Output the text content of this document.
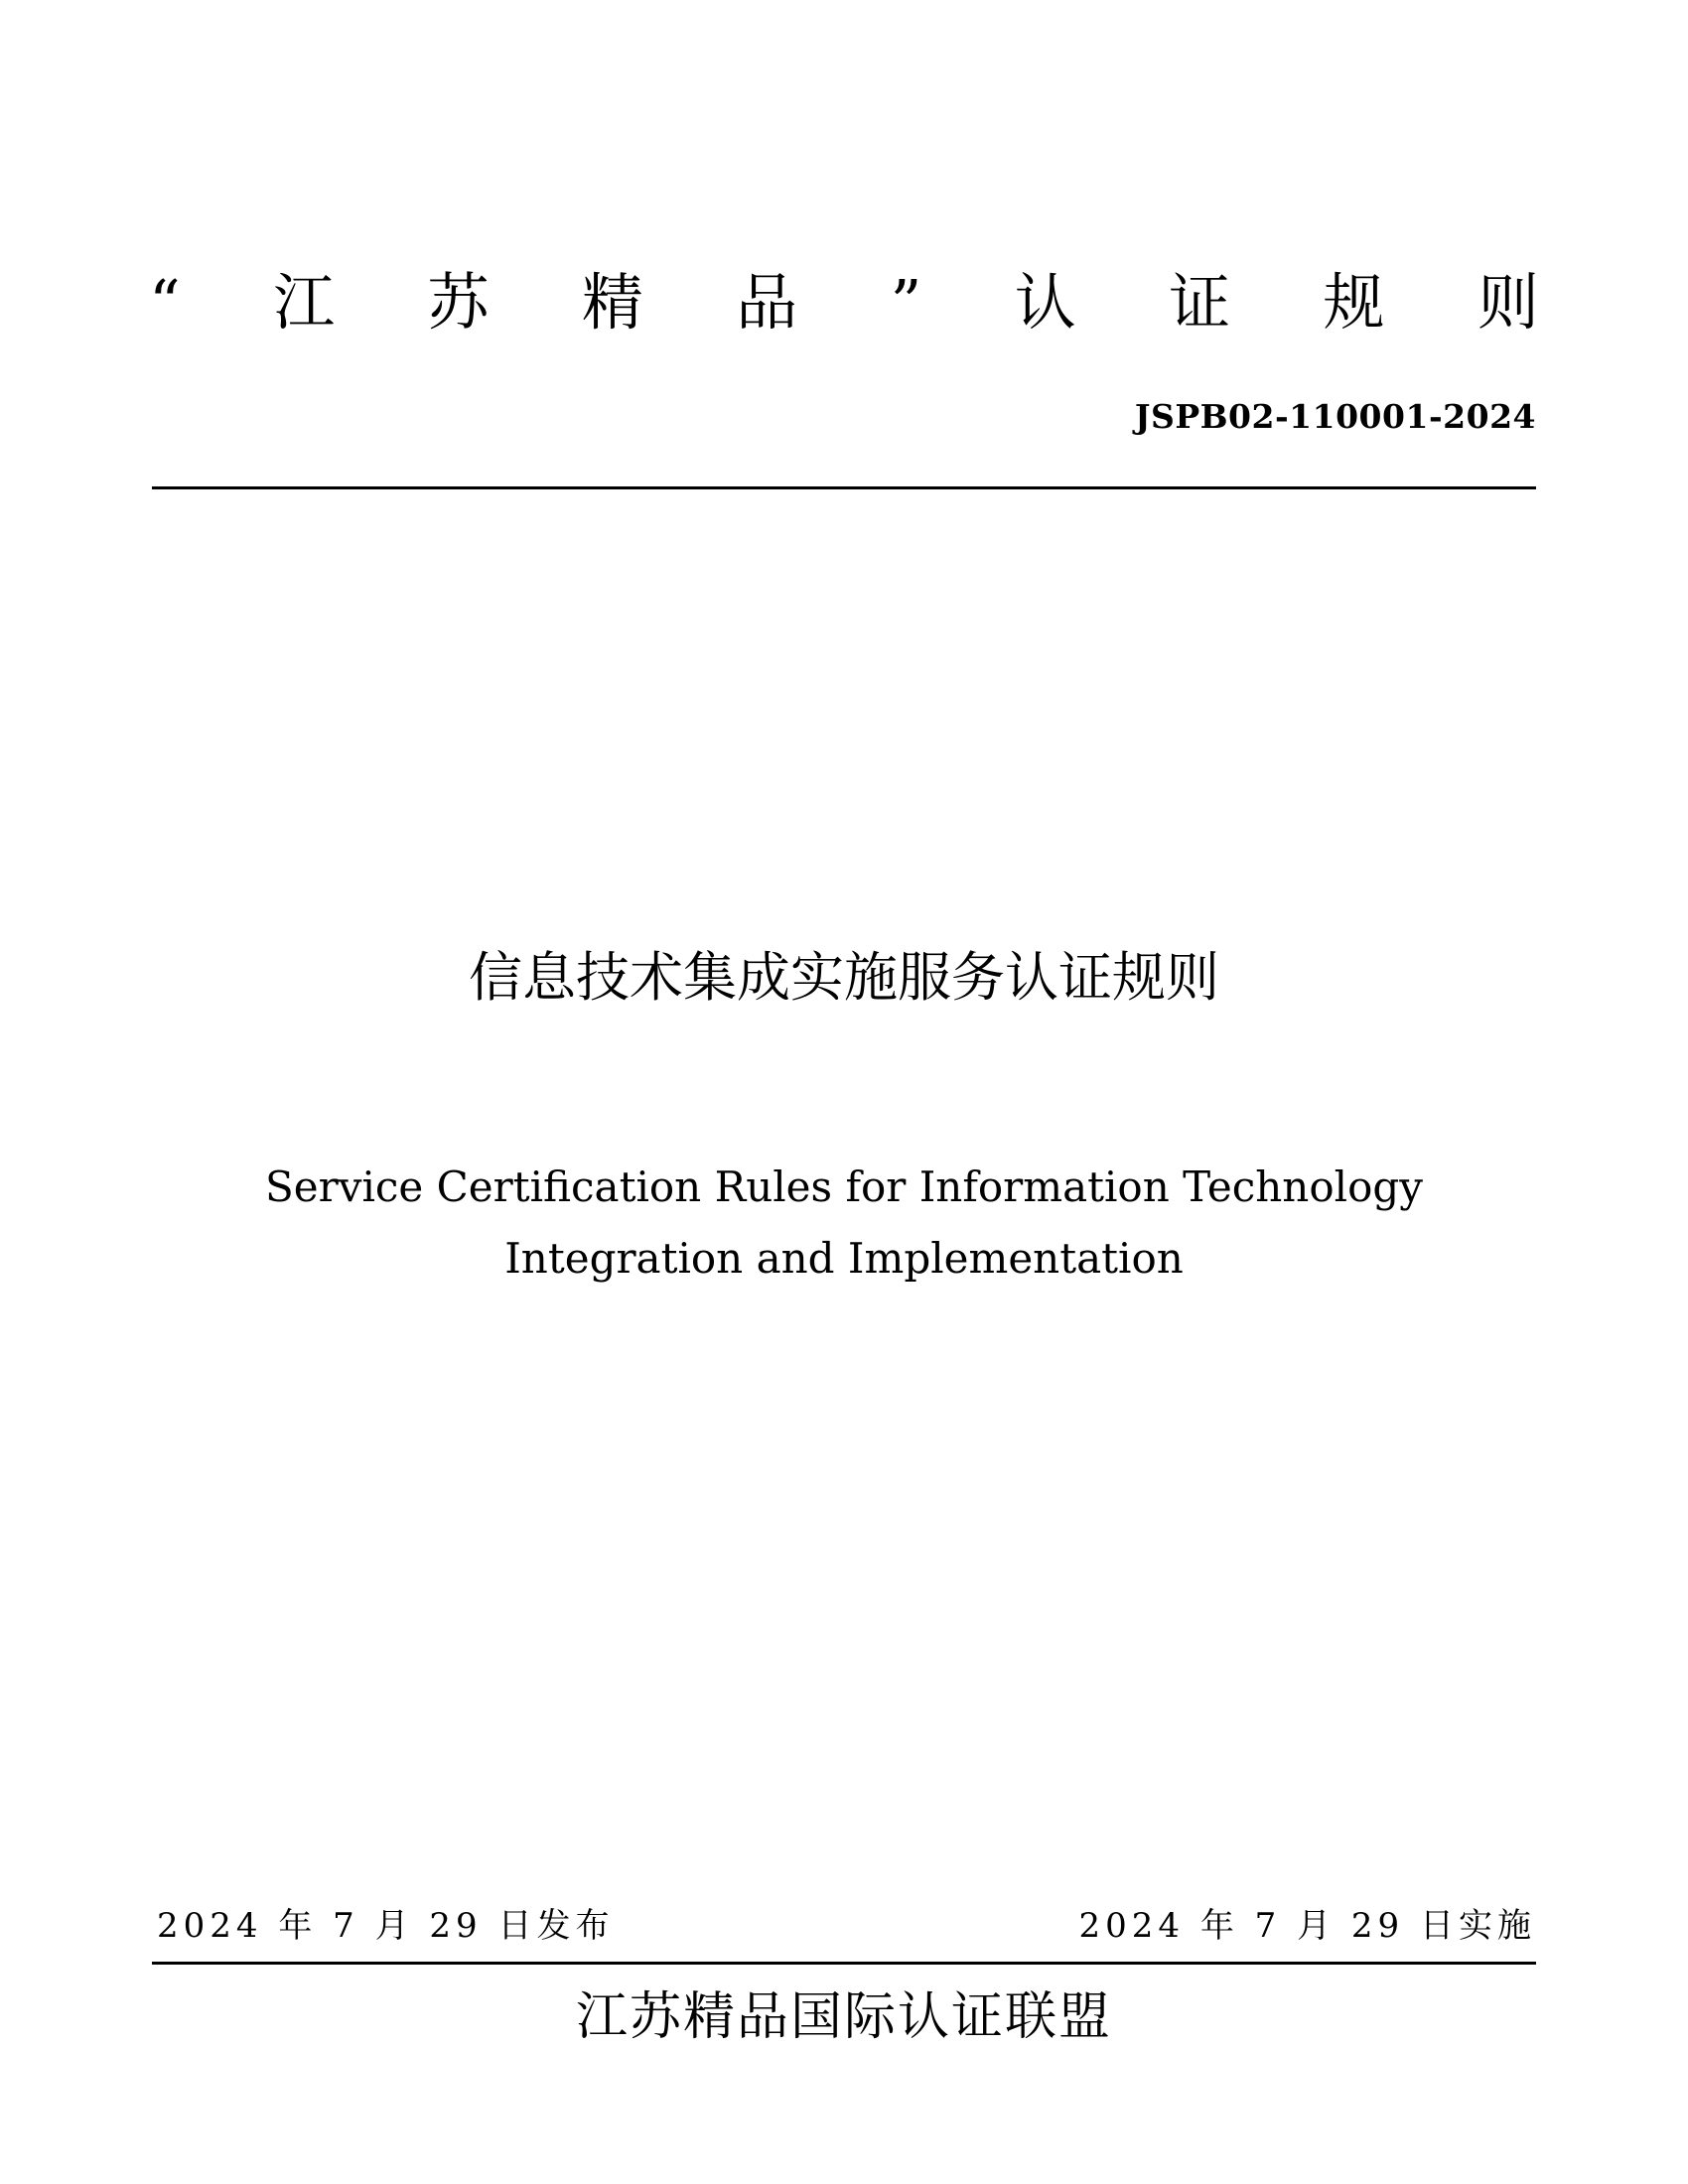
“ 江 苏 精 品 ” 认 证 规 则
JSPB02-110001-2024
信息技术集成实施服务认证规则
Service Certification Rules for Information Technology
Integration and Implementation
2024 年 7 月 29 日发布	2024 年 7 月 29 日实施
江苏精品国际认证联盟
